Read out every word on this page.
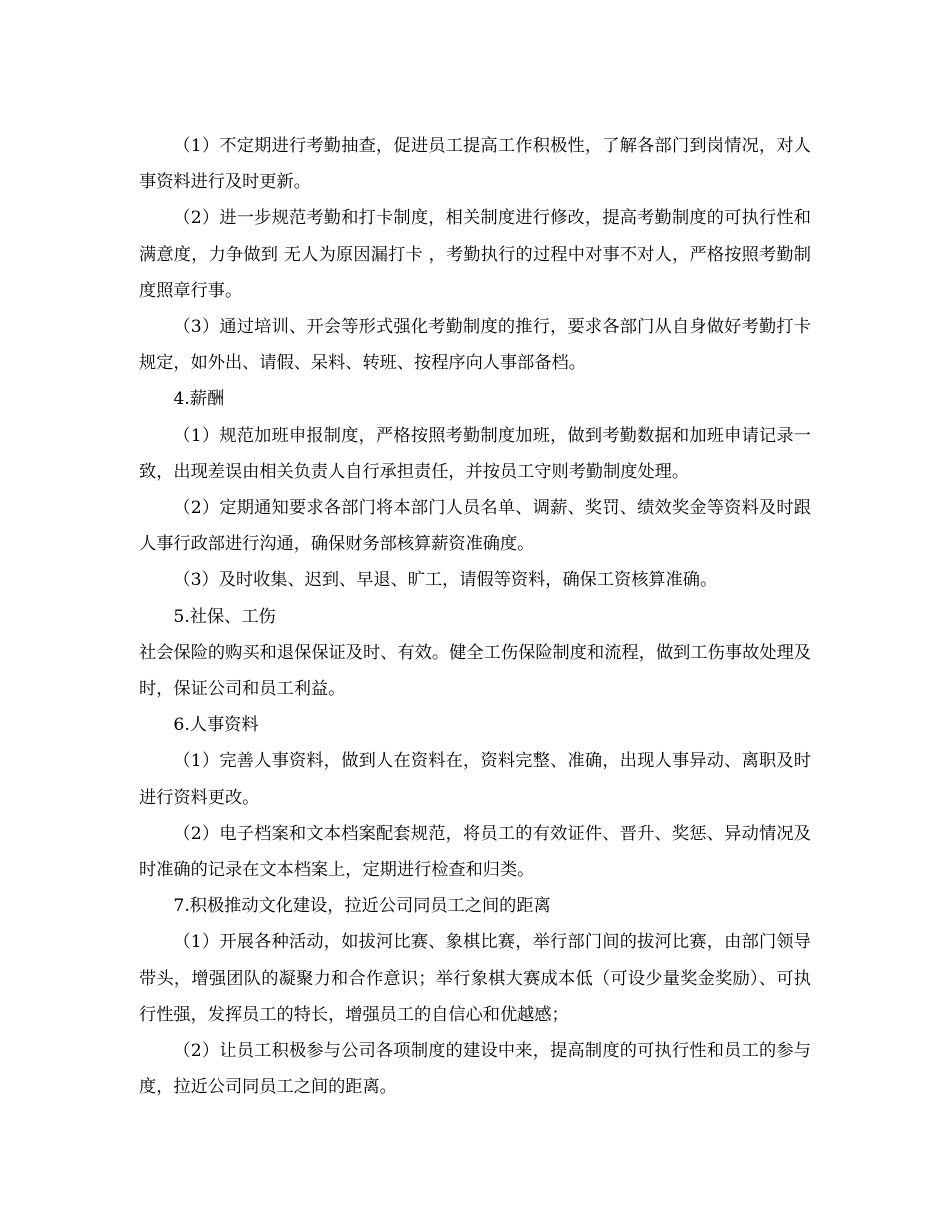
（1）不定期进行考勤抽查，促进员工提高工作积极性，了解各部门到岗情况，对人事资料进行及时更新。

（2）进一步规范考勤和打卡制度，相关制度进行修改，提高考勤制度的可执行性和满意度，力争做到 无人为原因漏打卡 ，考勤执行的过程中对事不对人，严格按照考勤制度照章行事。

（3）通过培训、开会等形式强化考勤制度的推行，要求各部门从自身做好考勤打卡规定，如外出、请假、呆料、转班、按程序向人事部备档。

4.薪酬

（1）规范加班申报制度，严格按照考勤制度加班，做到考勤数据和加班申请记录一致，出现差误由相关负责人自行承担责任，并按员工守则考勤制度处理。

（2）定期通知要求各部门将本部门人员名单、调薪、奖罚、绩效奖金等资料及时跟人事行政部进行沟通，确保财务部核算薪资准确度。

（3）及时收集、迟到、早退、旷工，请假等资料，确保工资核算准确。

5.社保、工伤

社会保险的购买和退保保证及时、有效。健全工伤保险制度和流程，做到工伤事故处理及时，保证公司和员工利益。

6.人事资料

（1）完善人事资料，做到人在资料在，资料完整、准确，出现人事异动、离职及时进行资料更改。

（2）电子档案和文本档案配套规范，将员工的有效证件、晋升、奖惩、异动情况及时准确的记录在文本档案上，定期进行检查和归类。

7.积极推动文化建设，拉近公司同员工之间的距离

（1）开展各种活动，如拔河比赛、象棋比赛，举行部门间的拔河比赛，由部门领导带头，增强团队的凝聚力和合作意识；举行象棋大赛成本低（可设少量奖金奖励）、可执行性强，发挥员工的特长，增强员工的自信心和优越感；

（2）让员工积极参与公司各项制度的建设中来，提高制度的可执行性和员工的参与度，拉近公司同员工之间的距离。
